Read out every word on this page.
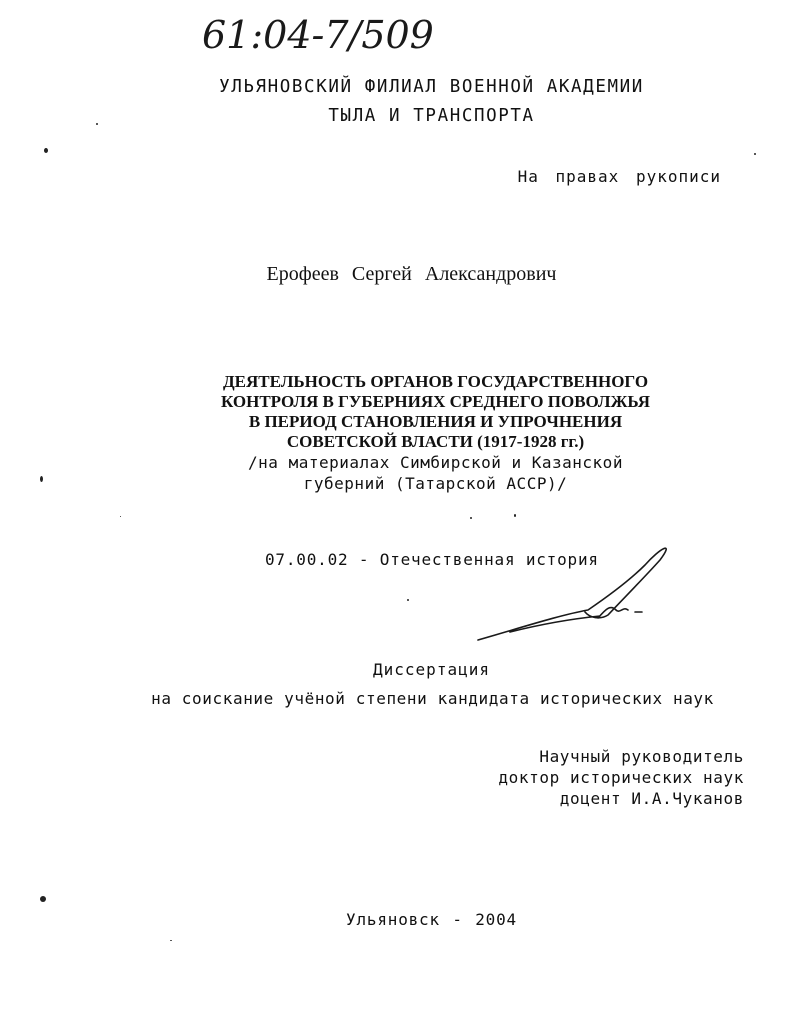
61:04-7/509
УЛЬЯНОВСКИЙ ФИЛИАЛ ВОЕННОЙ АКАДЕМИИ
ТЫЛА И ТРАНСПОРТА
На правах рукописи
Ерофеев Сергей Александрович
ДЕЯТЕЛЬНОСТЬ ОРГАНОВ ГОСУДАРСТВЕННОГО
КОНТРОЛЯ В ГУБЕРНИЯХ СРЕДНЕГО ПОВОЛЖЬЯ
В ПЕРИОД СТАНОВЛЕНИЯ И УПРОЧНЕНИЯ
СОВЕТСКОЙ ВЛАСТИ (1917-1928 гг.)
/на материалах Симбирской и Казанской
губерний (Татарской АССР)/
07.00.02 - Отечественная история
Диссертация
на соискание учёной степени кандидата исторических наук
Научный руководитель
доктор исторических наук
доцент И.А.Чуканов
Ульяновск - 2004
